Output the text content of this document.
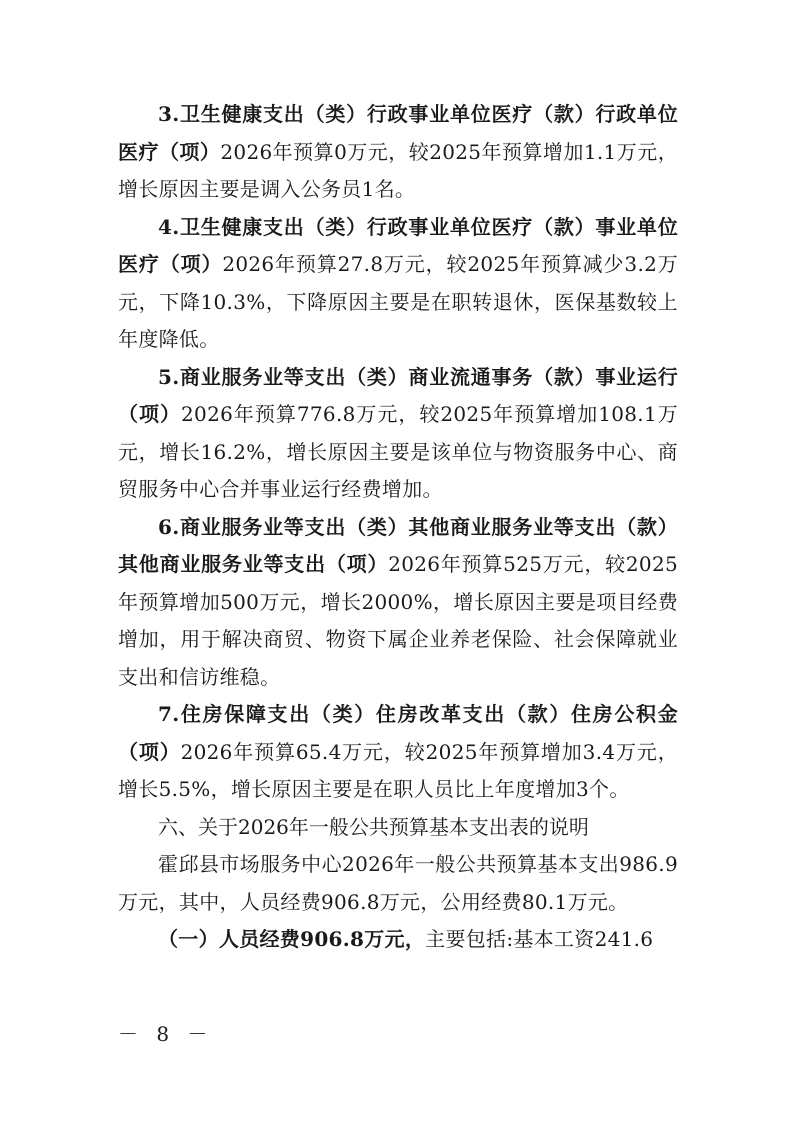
3.卫生健康支出（类）行政事业单位医疗（款）行政单位医疗（项）2026年预算0万元，较2025年预算增加1.1万元，增长原因主要是调入公务员1名。

4.卫生健康支出（类）行政事业单位医疗（款）事业单位医疗（项）2026年预算27.8万元，较2025年预算减少3.2万元，下降10.3%，下降原因主要是在职转退休，医保基数较上年度降低。

5.商业服务业等支出（类）商业流通事务（款）事业运行（项）2026年预算776.8万元，较2025年预算增加108.1万元，增长16.2%，增长原因主要是该单位与物资服务中心、商贸服务中心合并事业运行经费增加。

6.商业服务业等支出（类）其他商业服务业等支出（款）其他商业服务业等支出（项）2026年预算525万元，较2025年预算增加500万元，增长2000%，增长原因主要是项目经费增加，用于解决商贸、物资下属企业养老保险、社会保障就业支出和信访维稳。

7.住房保障支出（类）住房改革支出（款）住房公积金（项）2026年预算65.4万元，较2025年预算增加3.4万元，增长5.5%，增长原因主要是在职人员比上年度增加3个。

六、关于2026年一般公共预算基本支出表的说明

霍邱县市场服务中心2026年一般公共预算基本支出986.9万元，其中，人员经费906.8万元，公用经费80.1万元。

（一）人员经费906.8万元，主要包括:基本工资241.6

－ 8 －
